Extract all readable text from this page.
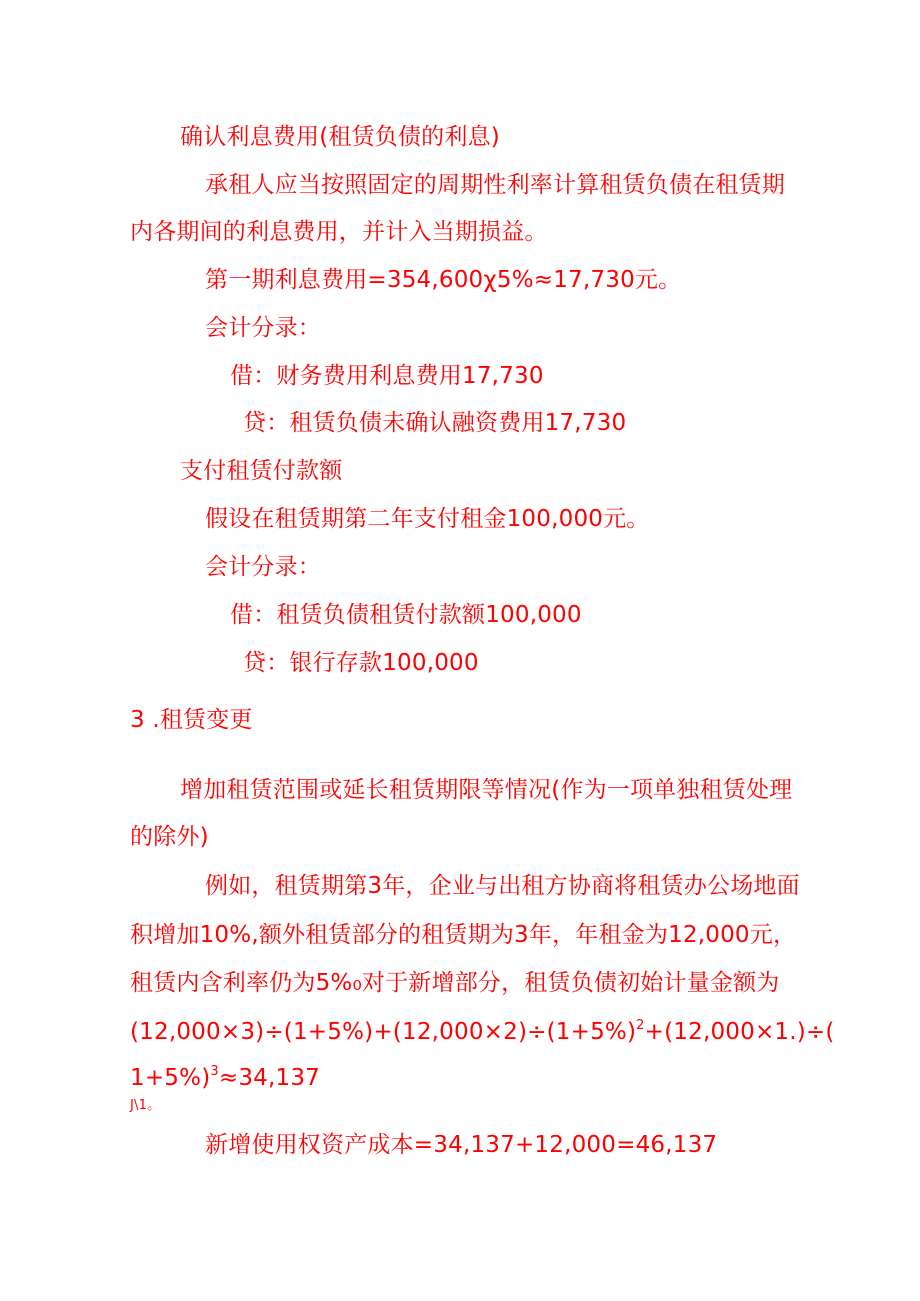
确认利息费用(租赁负债的利息)
承租人应当按照固定的周期性利率计算租赁负债在租赁期
内各期间的利息费用，并计入当期损益。
第一期利息费用=354,600χ5%≈17,730元。
会计分录：
借：财务费用利息费用17,730
贷：租赁负债未确认融资费用17,730
支付租赁付款额
假设在租赁期第二年支付租金100,000元。
会计分录：
借：租赁负债租赁付款额100,000
贷：银行存款100,000
3 .租赁变更
增加租赁范围或延长租赁期限等情况(作为一项单独租赁处理
的除外)
例如，租赁期第3年，企业与出租方协商将租赁办公场地面
积增加10%,额外租赁部分的租赁期为3年，年租金为12,000元，
租赁内含利率仍为5%₀对于新增部分，租赁负债初始计量金额为
$(12,000\times 3)\div(1+5\%)+(12,000\times 2)\div(1+5\%)^2+(12,000\times 1.)\div$(
1+5%)$^3$≈34,137
J\1。
新增使用权资产成本=34,137+12,000=46,137
